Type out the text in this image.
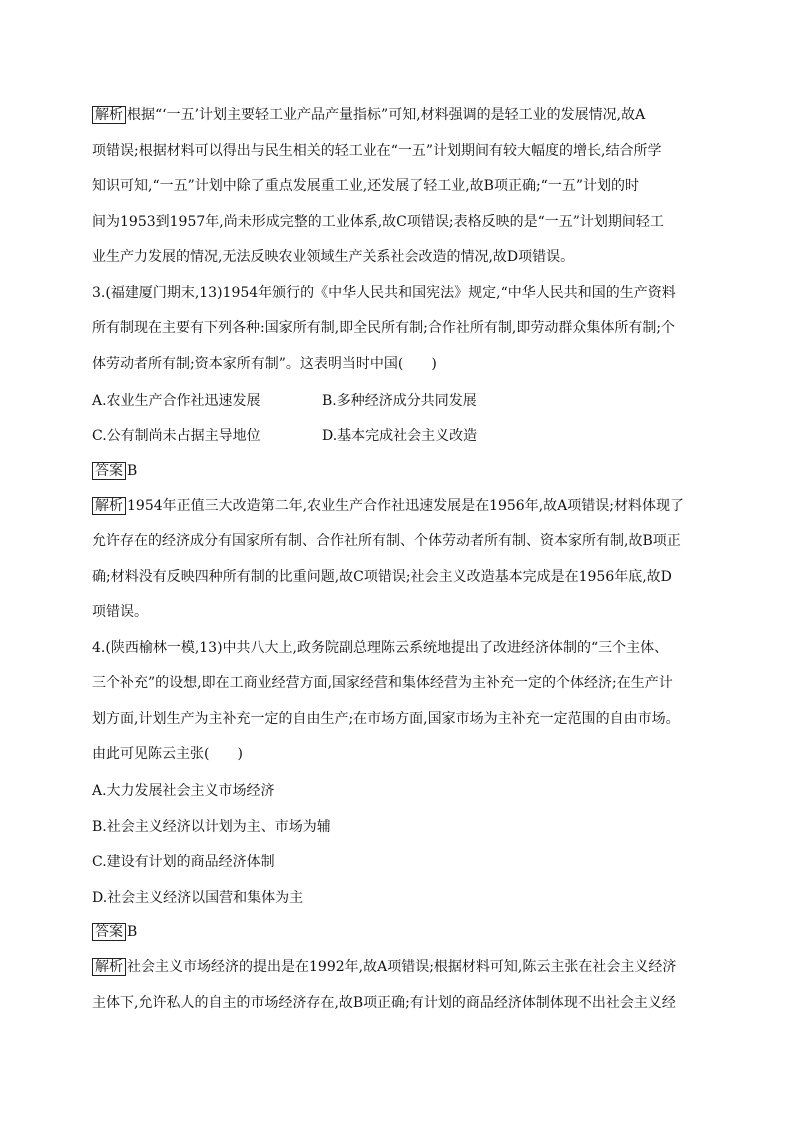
解析 根据“‘一五’计划主要轻工业产品产量指标”可知,材料强调的是轻工业的发展情况,故A
项错误;根据材料可以得出与民生相关的轻工业在“一五”计划期间有较大幅度的增长,结合所学
知识可知,“一五”计划中除了重点发展重工业,还发展了轻工业,故B项正确;“一五”计划的时
间为1953到1957年,尚未形成完整的工业体系,故C项错误;表格反映的是“一五”计划期间轻工
业生产力发展的情况,无法反映农业领域生产关系社会改造的情况,故D项错误。
3.(福建厦门期末,13)1954年颁行的《中华人民共和国宪法》规定,“中华人民共和国的生产资料
所有制现在主要有下列各种:国家所有制,即全民所有制;合作社所有制,即劳动群众集体所有制;个
体劳动者所有制;资本家所有制”。这表明当时中国(　　)
A.农业生产合作社迅速发展	B.多种经济成分共同发展
C.公有制尚未占据主导地位	D.基本完成社会主义改造
答案 B
解析 1954年正值三大改造第二年,农业生产合作社迅速发展是在1956年,故A项错误;材料体现了
允许存在的经济成分有国家所有制、合作社所有制、个体劳动者所有制、资本家所有制,故B项正
确;材料没有反映四种所有制的比重问题,故C项错误;社会主义改造基本完成是在1956年底,故D
项错误。
4.(陕西榆林一模,13)中共八大上,政务院副总理陈云系统地提出了改进经济体制的“三个主体、
三个补充”的设想,即在工商业经营方面,国家经营和集体经营为主补充一定的个体经济;在生产计
划方面,计划生产为主补充一定的自由生产;在市场方面,国家市场为主补充一定范围的自由市场。
由此可见陈云主张(　　)
A.大力发展社会主义市场经济
B.社会主义经济以计划为主、市场为辅
C.建设有计划的商品经济体制
D.社会主义经济以国营和集体为主
答案 B
解析 社会主义市场经济的提出是在1992年,故A项错误;根据材料可知,陈云主张在社会主义经济
主体下,允许私人的自主的市场经济存在,故B项正确;有计划的商品经济体制体现不出社会主义经
